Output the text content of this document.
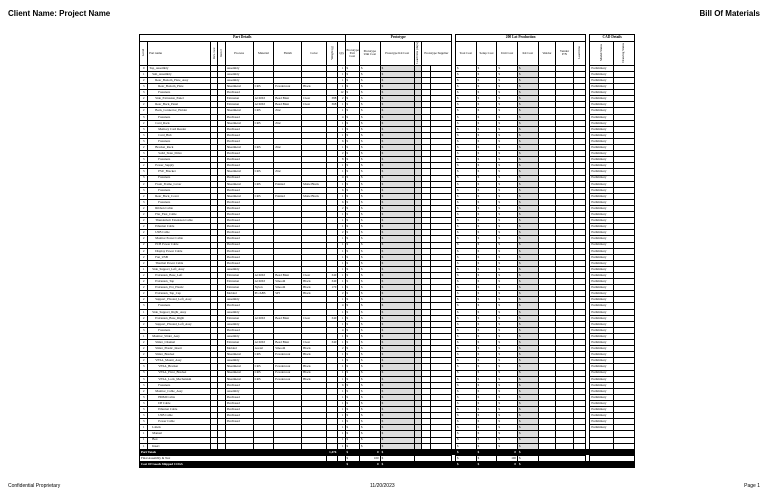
Client Name: Project Name	Bill Of Materials
Part Details										Prototype							200 Lot Production								CAD Details	
Level	Part name	Rev. Lev.	Item #	Process	Material	Finish	Color	Weight (g)	Qty	Prototype Part Cost	Prototype Unit Cost	Prototype Kit Cost	Lead time (days)	Prototype Supplier			Tool Cost	Setup Cost	Unit Cost	Kit Cost	Vendor	Vendor P/N	Lead time		Model Status	Drawing Status
0	Top_Assembly			Assembly					1	$	$	$					$	$	$	$					Preliminary	
1	Sub_Assembly			Assembly					1	$	$	$					$	$	$	$					Preliminary	
2	Rear_Bottom_Plate_Assy			Assembly					1	$	$	$					$	$	$	$					Preliminary	
3	Rear_Bottom_Plate			Sheetmetal	CRS	Powdercoat	Black		1	$	$	$					$	$	$	$					Preliminary	
3	Fasteners			Purchased					12	$	$	$					$	$	$	$					Preliminary	
2	Side_Extrusion_Panel			Extrusion	Al 6063	Bead Blast	Clear	388	2	$	$	$					$	$	$	$					Preliminary	
2	Rear_Back_Panel			Extrusion	Al 6063	Bead Blast	Clear	368	1	$	$	$					$	$	$	$					Preliminary	
2	Back_Connector_Holder			Sheetmetal	CRS	Zinc			1	$	$	$					$	$	$	$					Preliminary	
3	Fasteners			Purchased					4	$	$	$					$	$	$	$					Preliminary	
2	Card_Rack			Sheetmetal	CRS	Zinc			1	$	$	$					$	$	$	$					Preliminary	
3	Memory Card Reader			Purchased					1	$	$	$					$	$	$	$					Preliminary	
3	Card_Hub			Purchased					1	$	$	$					$	$	$	$					Preliminary	
3	Fasteners			Purchased					6	$	$	$					$	$	$	$					Preliminary	
2	Bracket_Rack			Sheetmetal	CRS	Zinc			1	$	$	$					$	$	$	$					Preliminary	
3	Solid_State_Drive			Purchased					2	$	$	$					$	$	$	$					Preliminary	
3	Fasteners			Purchased					8	$	$	$					$	$	$	$					Preliminary	
2	Power_Supply			Purchased					1	$	$	$					$	$	$	$					Preliminary	
3	PSU_Bracket			Sheetmetal	CRS	Zinc			1	$	$	$					$	$	$	$					Preliminary	
3	Fasteners			Purchased					4	$	$	$					$	$	$	$					Preliminary	
2	Front_Frame_Cover			Sheetmetal	CRS	Painted	Matte Black		1	$	$	$					$	$	$	$					Preliminary	
3	Fasteners			Purchased					6	$	$	$					$	$	$	$					Preliminary	
2	Rear_Back_Cover			Sheetmetal	CRS	Painted	Matte Black		1	$	$	$					$	$	$	$					Preliminary	
3	Fasteners			Purchased					6	$	$	$					$	$	$	$					Preliminary	
2	Ribbon Cable			Purchased					2	$	$	$					$	$	$	$					Preliminary	
2	Flat_Flex_Cable			Purchased					1	$	$	$					$	$	$	$					Preliminary	
2	Thunderbolt Extension Cable			Purchased					1	$	$	$					$	$	$	$					Preliminary	
2	Ethernet Cable			Purchased					1	$	$	$					$	$	$	$					Preliminary	
2	USB Cable			Purchased					2	$	$	$					$	$	$	$					Preliminary	
2	Monitor Power Cable			Purchased					1	$	$	$					$	$	$	$					Preliminary	
2	PCB Power Cable			Purchased					1	$	$	$					$	$	$	$					Preliminary	
2	Display Power Cable			Purchased					1	$	$	$					$	$	$	$					Preliminary	
2	Fan_USB			Purchased					1	$	$	$					$	$	$	$					Preliminary	
2	Thermal Power Cable			Purchased					1	$	$	$					$	$	$	$					Preliminary	
1	Side_Support_Left_Assy			Assembly					1	$	$	$					$	$	$	$					Preliminary	
2	Extrusion_Base_Left			Extrusion	Al 6063	Bead Blast	Clear	340	1	$	$	$					$	$	$	$					Preliminary	
2	Extrusion_Top			Extrusion	Al 6063	Smooth	Black	340	1	$	$	$					$	$	$	$					Preliminary	
2	Extrusion_Ext_Plastic			Extrusion	Nylon	Smooth	Black	170	1	$	$	$					$	$	$	$					Preliminary	
2	Extrusion_Top_Cap			Molded	PC/ABS	SPI	Black		2	$	$	$					$	$	$	$					Preliminary	
2	Support_Pivoted_Left_Assy			Assembly					1	$	$	$					$	$	$	$					Preliminary	
3	Fasteners			Purchased					4	$	$	$					$	$	$	$					Preliminary	
1	Side_Support_Right_Assy			Assembly					1	$	$	$					$	$	$	$					Preliminary	
2	Extrusion_Base_Right			Extrusion	Al 6063	Bead Blast	Clear	340	1	$	$	$					$	$	$	$					Preliminary	
2	Support_Pivoted_Left_Assy			Assembly					1	$	$	$					$	$	$	$					Preliminary	
3	Fasteners			Purchased					4	$	$	$					$	$	$	$					Preliminary	
1	Monitor_Slider_Assy			Assembly					1	$	$	$					$	$	$	$					Preliminary	
2	Slider_Channel			Extrusion	Al 6063	Bead Blast	Clear	340	1	$	$	$					$	$	$	$					Preliminary	
2	Slider_Plastic_Insert			Molded	Acetal	Smooth	Black		2	$	$	$					$	$	$	$					Preliminary	
2	Slider_Bracket			Sheetmetal	CRS	Powdercoat	Black		1	$	$	$					$	$	$	$					Preliminary	
2	VESA_Mount_Assy			Assembly					1	$	$	$					$	$	$	$					Preliminary	
3	VESA_Bracket			Sheetmetal	CRS	Powdercoat	Black		1	$	$	$					$	$	$	$					Preliminary	
3	VESA_Pivot_Bracket			Sheetmetal	CRS	Powdercoat	Black		1	$	$	$					$	$	$	$					Preliminary	
3	VESA_Lock_Mechanism			Sheetmetal	CRS	Powdercoat	Black		1	$	$	$					$	$	$	$					Preliminary	
3	Fasteners			Purchased					6	$	$	$					$	$	$	$					Preliminary	
2	Monitor_Cable_Assy			Assembly					1	$	$	$					$	$	$	$					Preliminary	
3	HDMI Cable			Purchased					1	$	$	$					$	$	$	$					Preliminary	
3	DP Cable			Purchased					1	$	$	$					$	$	$	$					Preliminary	
3	Ethernet Cable			Purchased					1	$	$	$					$	$	$	$					Preliminary	
3	USB Cable			Purchased					1	$	$	$					$	$	$	$					Preliminary	
3	Power Cable			Purchased					1	$	$	$					$	$	$	$					Preliminary	
1	Labels								1	$	$	$					$	$	$	$					Preliminary	
1	Manual								1	$	$	$					$	$	$	$						
1	Box								1	$	$	$					$	$	$	$						
1	Insert								1	$	$	$					$	$	$	$						
Part Totals								1,476		$	0	$					$	$	0	$						
Final Assembly & Test										$	100	$					$	$	100	$						
Cost Of Goods Shipped COGS										$	0	$					$	$	0	$						
Confidential Proprietary	11/20/2023	Page 1
